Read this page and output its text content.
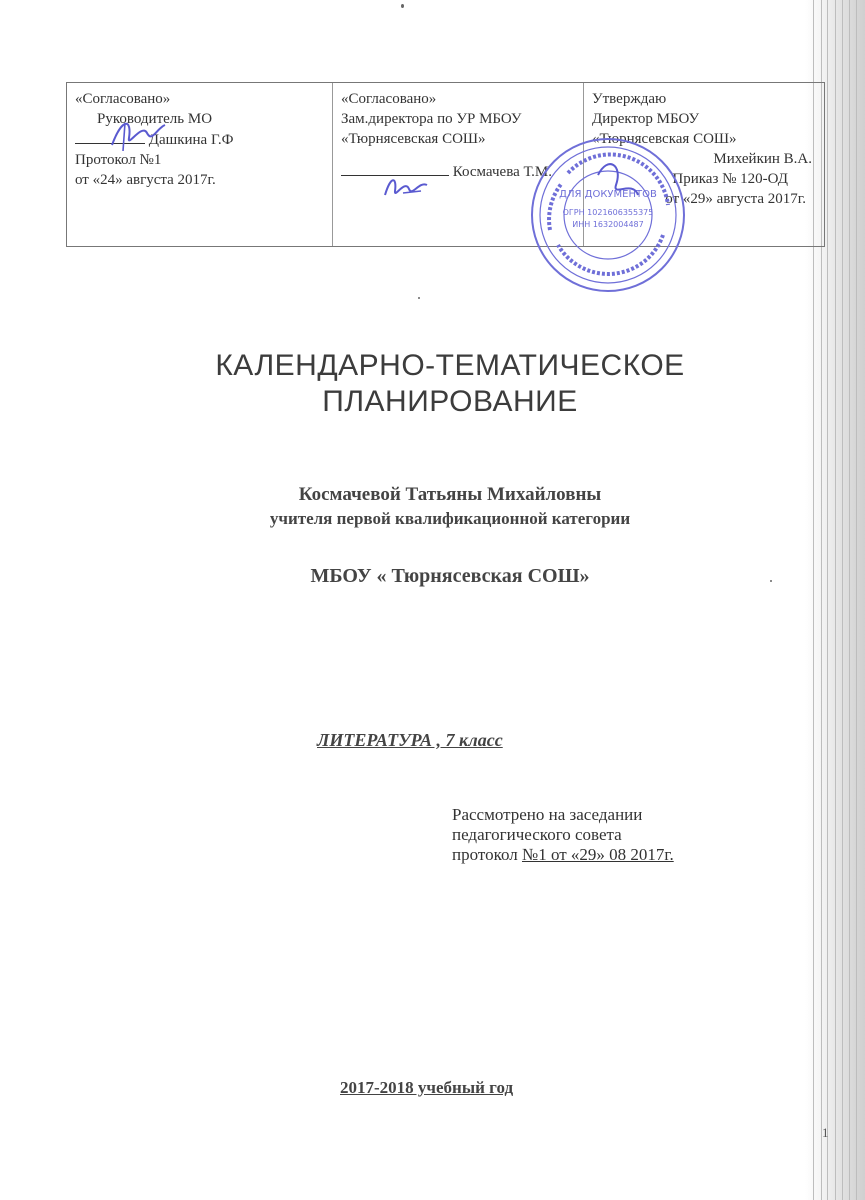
«Согласовано»

Руководитель МО

Дашкина Г.Ф

Протокол №1

от «24» августа 2017г.

«Согласовано»

Зам.директора по УР МБОУ

«Тюрнясевская СОШ»

Космачева Т.М.

Утверждаю

Директор МБОУ

«Тюрнясевская СОШ»

Михейкин В.А.

Приказ № 120-ОД

от «29» августа 2017г.

ДЛЯ ДОКУМЕНТОВ
ОГРН 1021606355375
ИНН 1632004487
КАЛЕНДАРНО-ТЕМАТИЧЕСКОЕ
ПЛАНИРОВАНИЕ
Космачевой Татьяны Михайловны
учителя первой квалификационной категории
МБОУ « Тюрнясевская СОШ»
ЛИТЕРАТУРА , 7 класс

Рассмотрено на заседании

педагогического совета

протокол №1 от «29» 08 2017г.

2017-2018 учебный год
1
